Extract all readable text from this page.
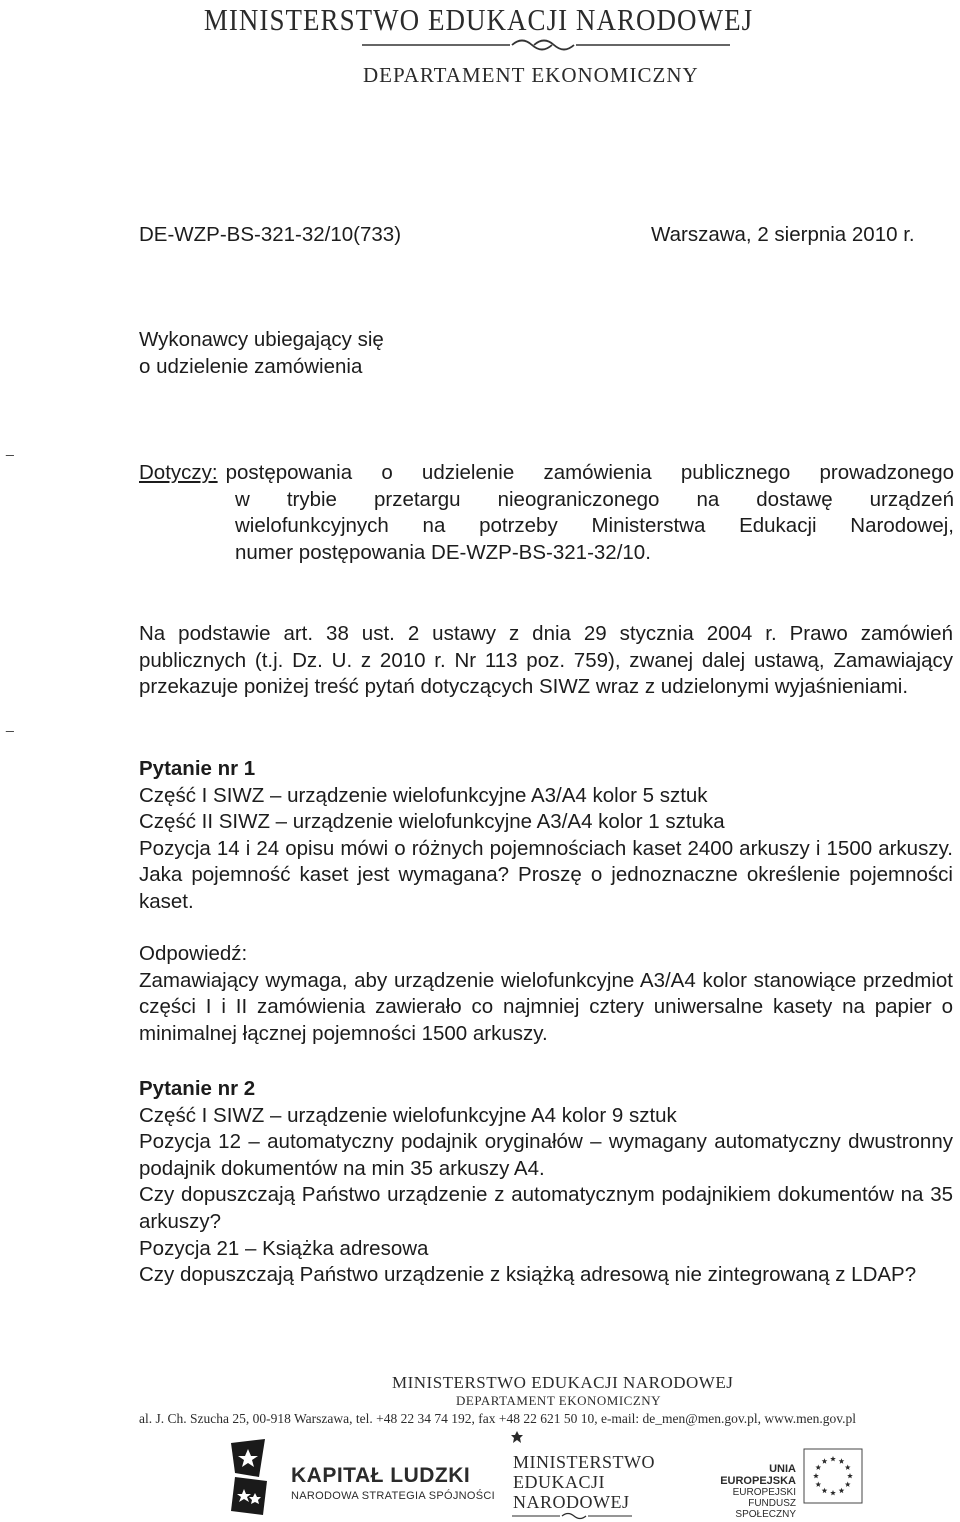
MINISTERSTWO EDUKACJI NARODOWEJ
DEPARTAMENT EKONOMICZNY
DE-WZP-BS-321-32/10(733)	Warszawa, 2 sierpnia 2010 r.
Wykonawcy ubiegający się
o udzielenie zamówienia
_
_
Dotyczy: postępowania o udzielenie zamówienia publicznego prowadzonego
w trybie przetargu nieograniczonego na dostawę urządzeń
wielofunkcyjnych na potrzeby Ministerstwa Edukacji Narodowej,
numer postępowania DE-WZP-BS-321-32/10.

Na podstawie art. 38 ust. 2 ustawy z dnia 29 stycznia 2004 r. Prawo zamówień publicznych (t.j. Dz. U. z 2010 r. Nr 113 poz. 759), zwanej dalej ustawą, Zamawiający przekazuje poniżej treść pytań dotyczących SIWZ wraz z udzielonymi wyjaśnieniami.

Pytanie nr 1

Część I SIWZ – urządzenie wielofunkcyjne A3/A4 kolor 5 sztuk

Część II SIWZ – urządzenie wielofunkcyjne A3/A4 kolor 1 sztuka

Pozycja 14 i 24 opisu mówi o różnych pojemnościach kaset 2400 arkuszy i 1500 arkuszy. Jaka pojemność kaset jest wymagana? Proszę o jednoznaczne określenie pojemności kaset.

Odpowiedź:

Zamawiający wymaga, aby urządzenie wielofunkcyjne A3/A4 kolor stanowiące przedmiot części I i II zamówienia zawierało co najmniej cztery uniwersalne kasety na papier o minimalnej łącznej pojemności 1500 arkuszy.

Pytanie nr 2

Część I SIWZ – urządzenie wielofunkcyjne A4 kolor 9 sztuk

Pozycja 12 – automatyczny podajnik oryginałów – wymagany automatyczny dwustronny podajnik dokumentów na min 35 arkuszy A4.

Czy dopuszczają Państwo urządzenie z automatycznym podajnikiem dokumentów na 35 arkuszy?

Pozycja 21 – Książka adresowa

Czy dopuszczają Państwo urządzenie z książką adresową nie zintegrowaną z LDAP?

MINISTERSTWO EDUKACJI NARODOWEJ
DEPARTAMENT EKONOMICZNY
al. J. Ch. Szucha 25, 00-918 Warszawa, tel. +48 22 34 74 192, fax +48 22 621 50 10, e-mail: de_men@men.gov.pl, www.men.gov.pl
KAPITAŁ LUDZKI
NARODOWA STRATEGIA SPÓJNOŚCI
MINISTERSTWO
EDUKACJI
NARODOWEJ
UNIA EUROPEJSKA
EUROPEJSKI
FUNDUSZ SPOŁECZNY
